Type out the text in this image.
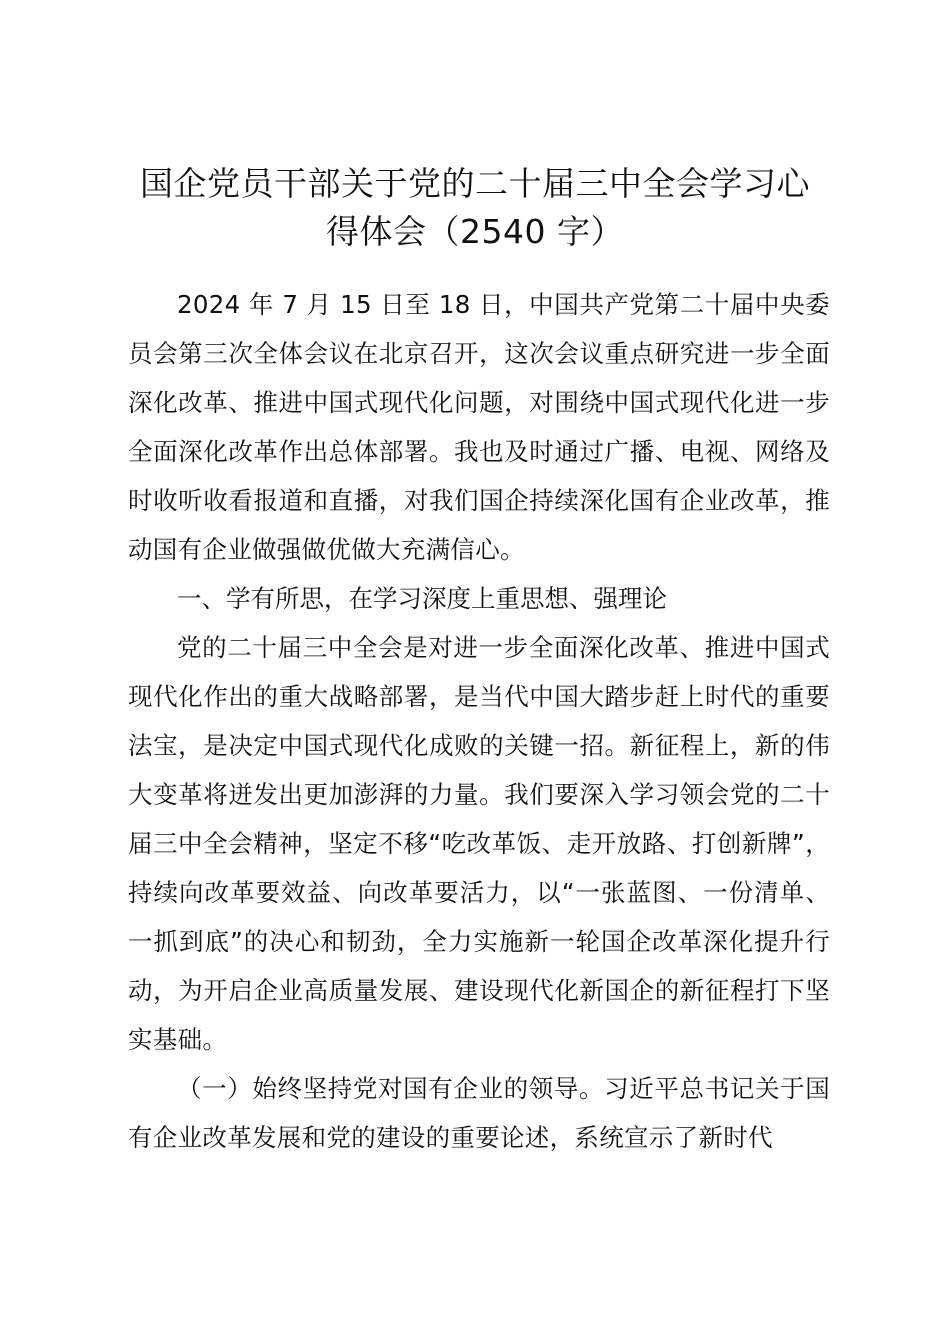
国企党员干部关于党的二十届三中全会学习心
得体会（2540 字）

2024 年 7 月 15 日至 18 日，中国共产党第二十届中央委员会第三次全体会议在北京召开，这次会议重点研究进一步全面深化改革、推进中国式现代化问题，对围绕中国式现代化进一步全面深化改革作出总体部署。我也及时通过广播、电视、网络及时收听收看报道和直播，对我们国企持续深化国有企业改革，推动国有企业做强做优做大充满信心。

一、学有所思，在学习深度上重思想、强理论

党的二十届三中全会是对进一步全面深化改革、推进中国式现代化作出的重大战略部署，是当代中国大踏步赶上时代的重要法宝，是决定中国式现代化成败的关键一招。新征程上，新的伟大变革将迸发出更加澎湃的力量。我们要深入学习领会党的二十届三中全会精神，坚定不移“吃改革饭、走开放路、打创新牌”，持续向改革要效益、向改革要活力，以“一张蓝图、一份清单、一抓到底”的决心和韧劲，全力实施新一轮国企改革深化提升行动，为开启企业高质量发展、建设现代化新国企的新征程打下坚实基础。

（一）始终坚持党对国有企业的领导。习近平总书记关于国有企业改革发展和党的建设的重要论述，系统宣示了新时代
